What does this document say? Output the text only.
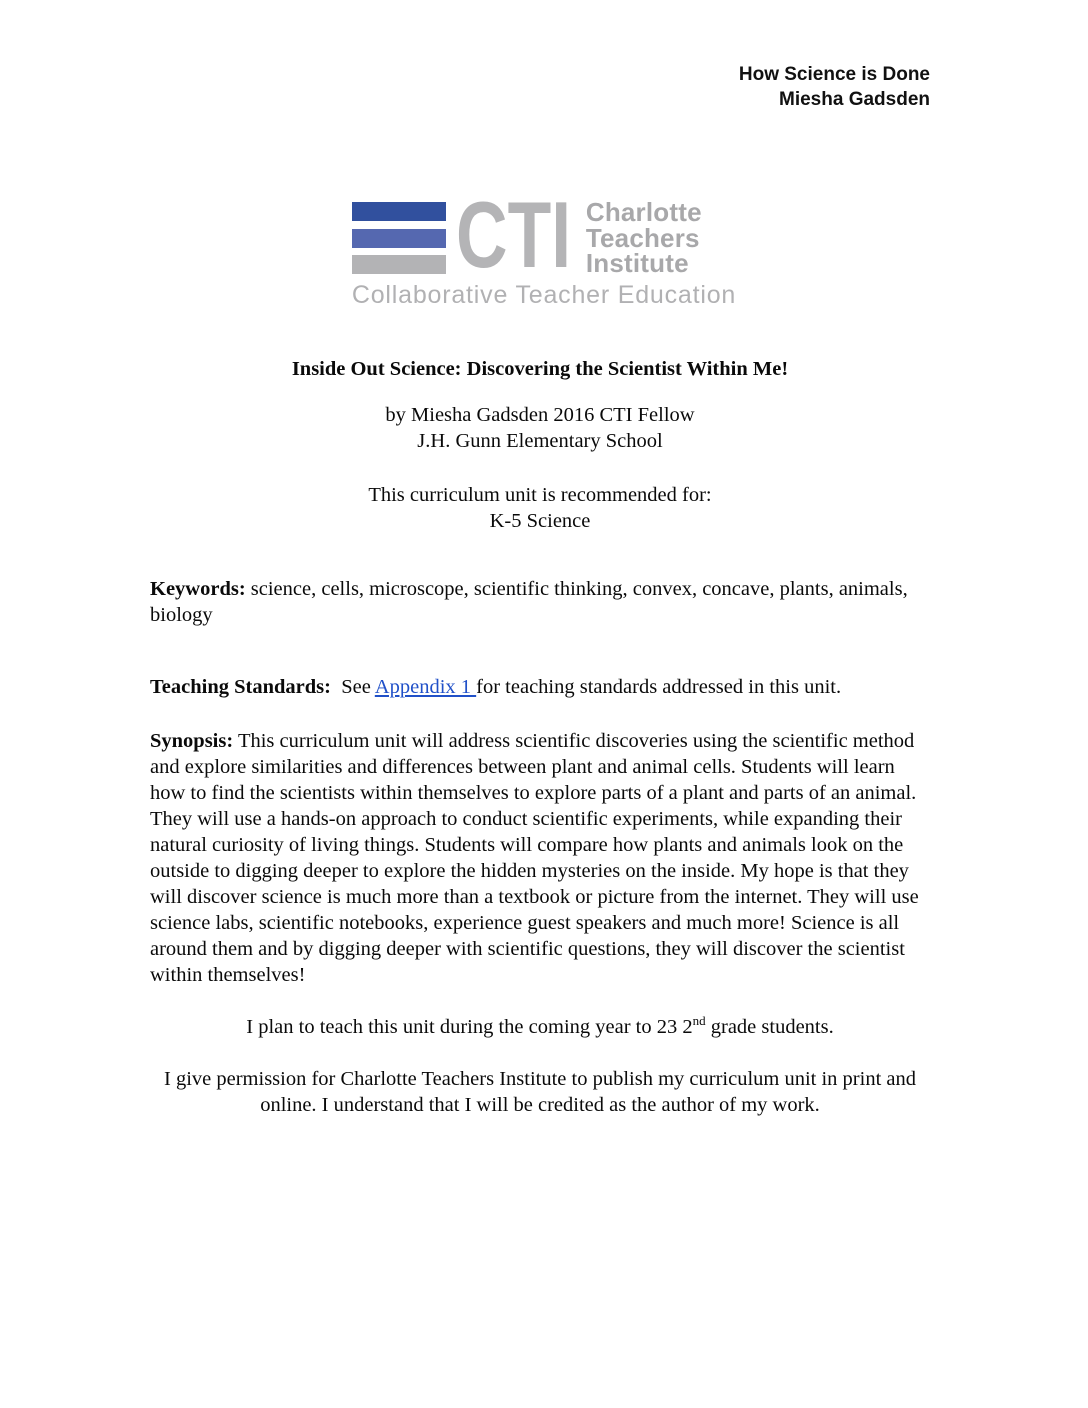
How Science is Done
Miesha Gadsden
CTI Charlotte
Teachers
Institute
Collaborative Teacher Education
Inside Out Science: Discovering the Scientist Within Me!
by Miesha Gadsden 2016 CTI Fellow
J.H. Gunn Elementary School
This curriculum unit is recommended for:
K-5 Science

Keywords: science, cells, microscope, scientific thinking, convex, concave, plants, animals, biology

Teaching Standards:  See Appendix 1 for teaching standards addressed in this unit.

Synopsis: This curriculum unit will address scientific discoveries using the scientific method and explore similarities and differences between plant and animal cells. Students will learn how to find the scientists within themselves to explore parts of a plant and parts of an animal. They will use a hands-on approach to conduct scientific experiments, while expanding their natural curiosity of living things. Students will compare how plants and animals look on the outside to digging deeper to explore the hidden mysteries on the inside. My hope is that they will discover science is much more than a textbook or picture from the internet. They will use science labs, scientific notebooks, experience guest speakers and much more! Science is all around them and by digging deeper with scientific questions, they will discover the scientist within themselves!

I plan to teach this unit during the coming year to 23 2nd grade students.

I give permission for Charlotte Teachers Institute to publish my curriculum unit in print and online. I understand that I will be credited as the author of my work.
